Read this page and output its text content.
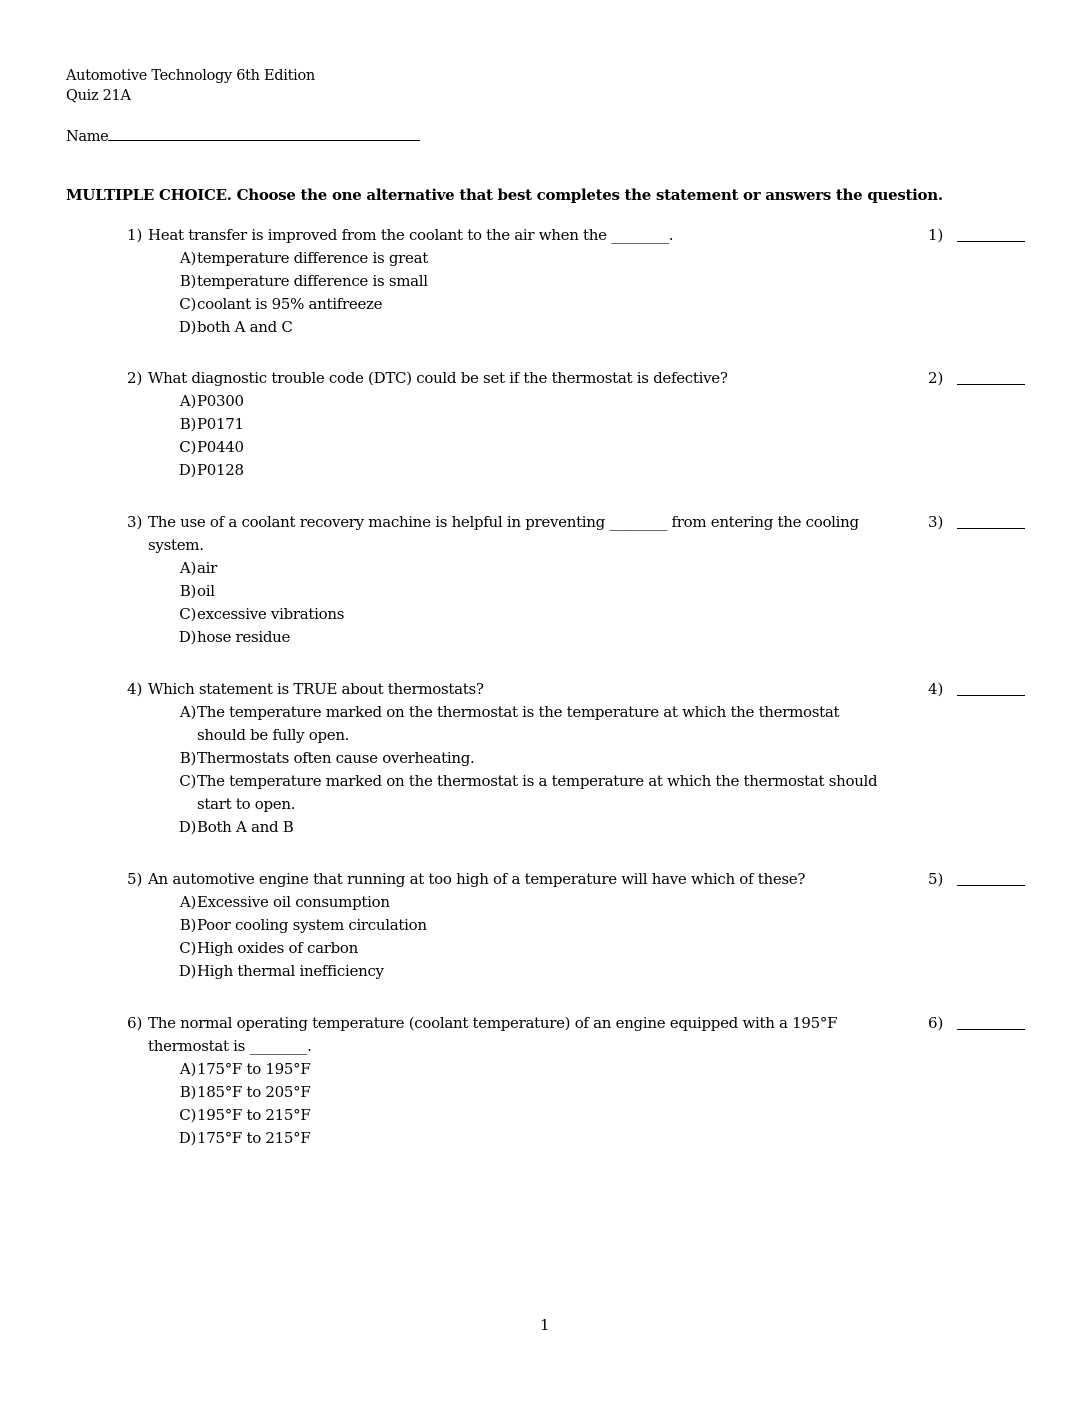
Automotive Technology 6th Edition
Quiz 21A
Name
MULTIPLE CHOICE. Choose the one alternative that best completes the statement or answers the question.
1) Heat transfer is improved from the coolant to the air when the ________.
A) temperature difference is great
B) temperature difference is small
C) coolant is 95% antifreeze
D) both A and C
1)
2) What diagnostic trouble code (DTC) could be set if the thermostat is defective?
A) P0300
B) P0171
C) P0440
D) P0128
2)
3) The use of a coolant recovery machine is helpful in preventing ________ from entering the cooling system.
A) air
B) oil
C) excessive vibrations
D) hose residue
3)
4) Which statement is TRUE about thermostats?
A) The temperature marked on the thermostat is the temperature at which the thermostat should be fully open.
B) Thermostats often cause overheating.
C) The temperature marked on the thermostat is a temperature at which the thermostat should start to open.
D) Both A and B
4)
5) An automotive engine that running at too high of a temperature will have which of these?
A) Excessive oil consumption
B) Poor cooling system circulation
C) High oxides of carbon
D) High thermal inefficiency
5)
6) The normal operating temperature (coolant temperature) of an engine equipped with a 195°F thermostat is ________.
A) 175°F to 195°F
B) 185°F to 205°F
C) 195°F to 215°F
D) 175°F to 215°F
6)
1
